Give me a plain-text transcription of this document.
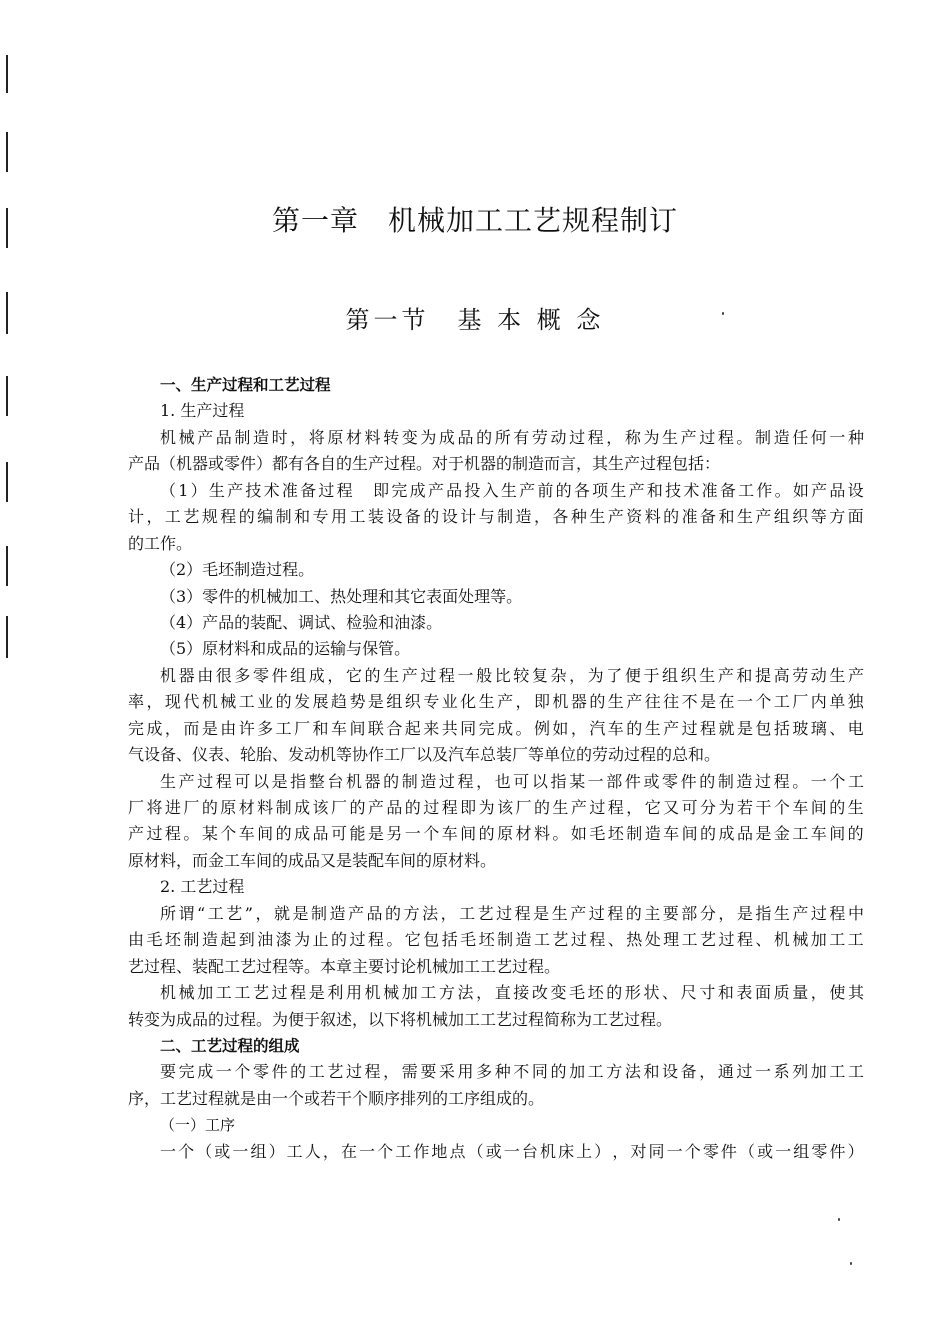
第一章　机械加工工艺规程制订
第一节　基 本 概 念
一、生产过程和工艺过程
1. 生产过程
机 械 产 品 制 造 时 ， 将 原 材 料 转 变 为 成 品 的 所 有 劳 动 过 程 ， 称 为 生 产 过 程 。 制 造 任 何 一 种
产品（机器或零件）都有各自的生产过程。对于机器的制造而言，其生产过程包括：
（ 1 ） 生 产 技 术 准 备 过 程
　 即 完 成 产 品 投 入 生 产 前 的 各 项 生 产 和 技 术 准 备 工 作 。 如 产 品 设
计 ， 工 艺 规 程 的 编 制 和 专 用 工 装 设 备 的 设 计 与 制 造 ， 各 种 生 产 资 料 的 准 备 和 生 产 组 织 等 方 面
的工作。
（2）毛坯制造过程。
（3）零件的机械加工、热处理和其它表面处理等。
（4）产品的装配、调试、检验和油漆。
（5）原材料和成品的运输与保管。
机 器 由 很 多 零 件 组 成 ， 它 的 生 产 过 程 一 般 比 较 复 杂 ， 为 了 便 于 组 织 生 产 和 提 高 劳 动 生 产
率 ， 现 代 机 械 工 业 的 发 展 趋 势 是 组 织 专 业 化 生 产 ， 即 机 器 的 生 产 往 往 不 是 在 一 个 工 厂 内 单 独
完 成 ， 而 是 由 许 多 工 厂 和 车 间 联 合 起 来 共 同 完 成 。 例 如 ， 汽 车 的 生 产 过 程 就 是 包 括 玻 璃 、 电
气设备、仪表、轮胎、发动机等协作工厂以及汽车总装厂等单位的劳动过程的总和。
生 产 过 程 可 以 是 指 整 台 机 器 的 制 造 过 程 ， 也 可 以 指 某 一 部 件 或 零 件 的 制 造 过 程 。 一 个 工
厂 将 进 厂 的 原 材 料 制 成 该 厂 的 产 品 的 过 程 即 为 该 厂 的 生 产 过 程 ， 它 又 可 分 为 若 干 个 车 间 的 生
产 过 程 。 某 个 车 间 的 成 品 可 能 是 另 一 个 车 间 的 原 材 料 。 如 毛 坯 制 造 车 间 的 成 品 是 金 工 车 间 的
原材料，而金工车间的成品又是装配车间的原材料。
2. 工艺过程
所 谓 “ 工 艺 ” ， 就 是 制 造 产 品 的 方 法 ， 工 艺 过 程 是 生 产 过 程 的 主 要 部 分 ， 是 指 生 产 过 程 中
由 毛 坯 制 造 起 到 油 漆 为 止 的 过 程 。 它 包 括 毛 坯 制 造 工 艺 过 程 、 热 处 理 工 艺 过 程 、 机 械 加 工 工
艺过程、装配工艺过程等。本章主要讨论机械加工工艺过程。
机 械 加 工 工 艺 过 程 是 利 用 机 械 加 工 方 法 ， 直 接 改 变 毛 坯 的 形 状 、 尺 寸 和 表 面 质 量 ， 使 其
转变为成品的过程。为便于叙述，以下将机械加工工艺过程简称为工艺过程。
二、工艺过程的组成
要 完 成 一 个 零 件 的 工 艺 过 程 ， 需 要 采 用 多 种 不 同 的 加 工 方 法 和 设 备 ， 通 过 一 系 列 加 工 工
序，工艺过程就是由一个或若干个顺序排列的工序组成的。
（一）工序
一 个 （ 或 一 组 ） 工 人 ， 在 一 个 工 作 地 点 （ 或 一 台 机 床 上 ） ， 对 同 一 个 零 件 （ 或 一 组 零 件 ）
